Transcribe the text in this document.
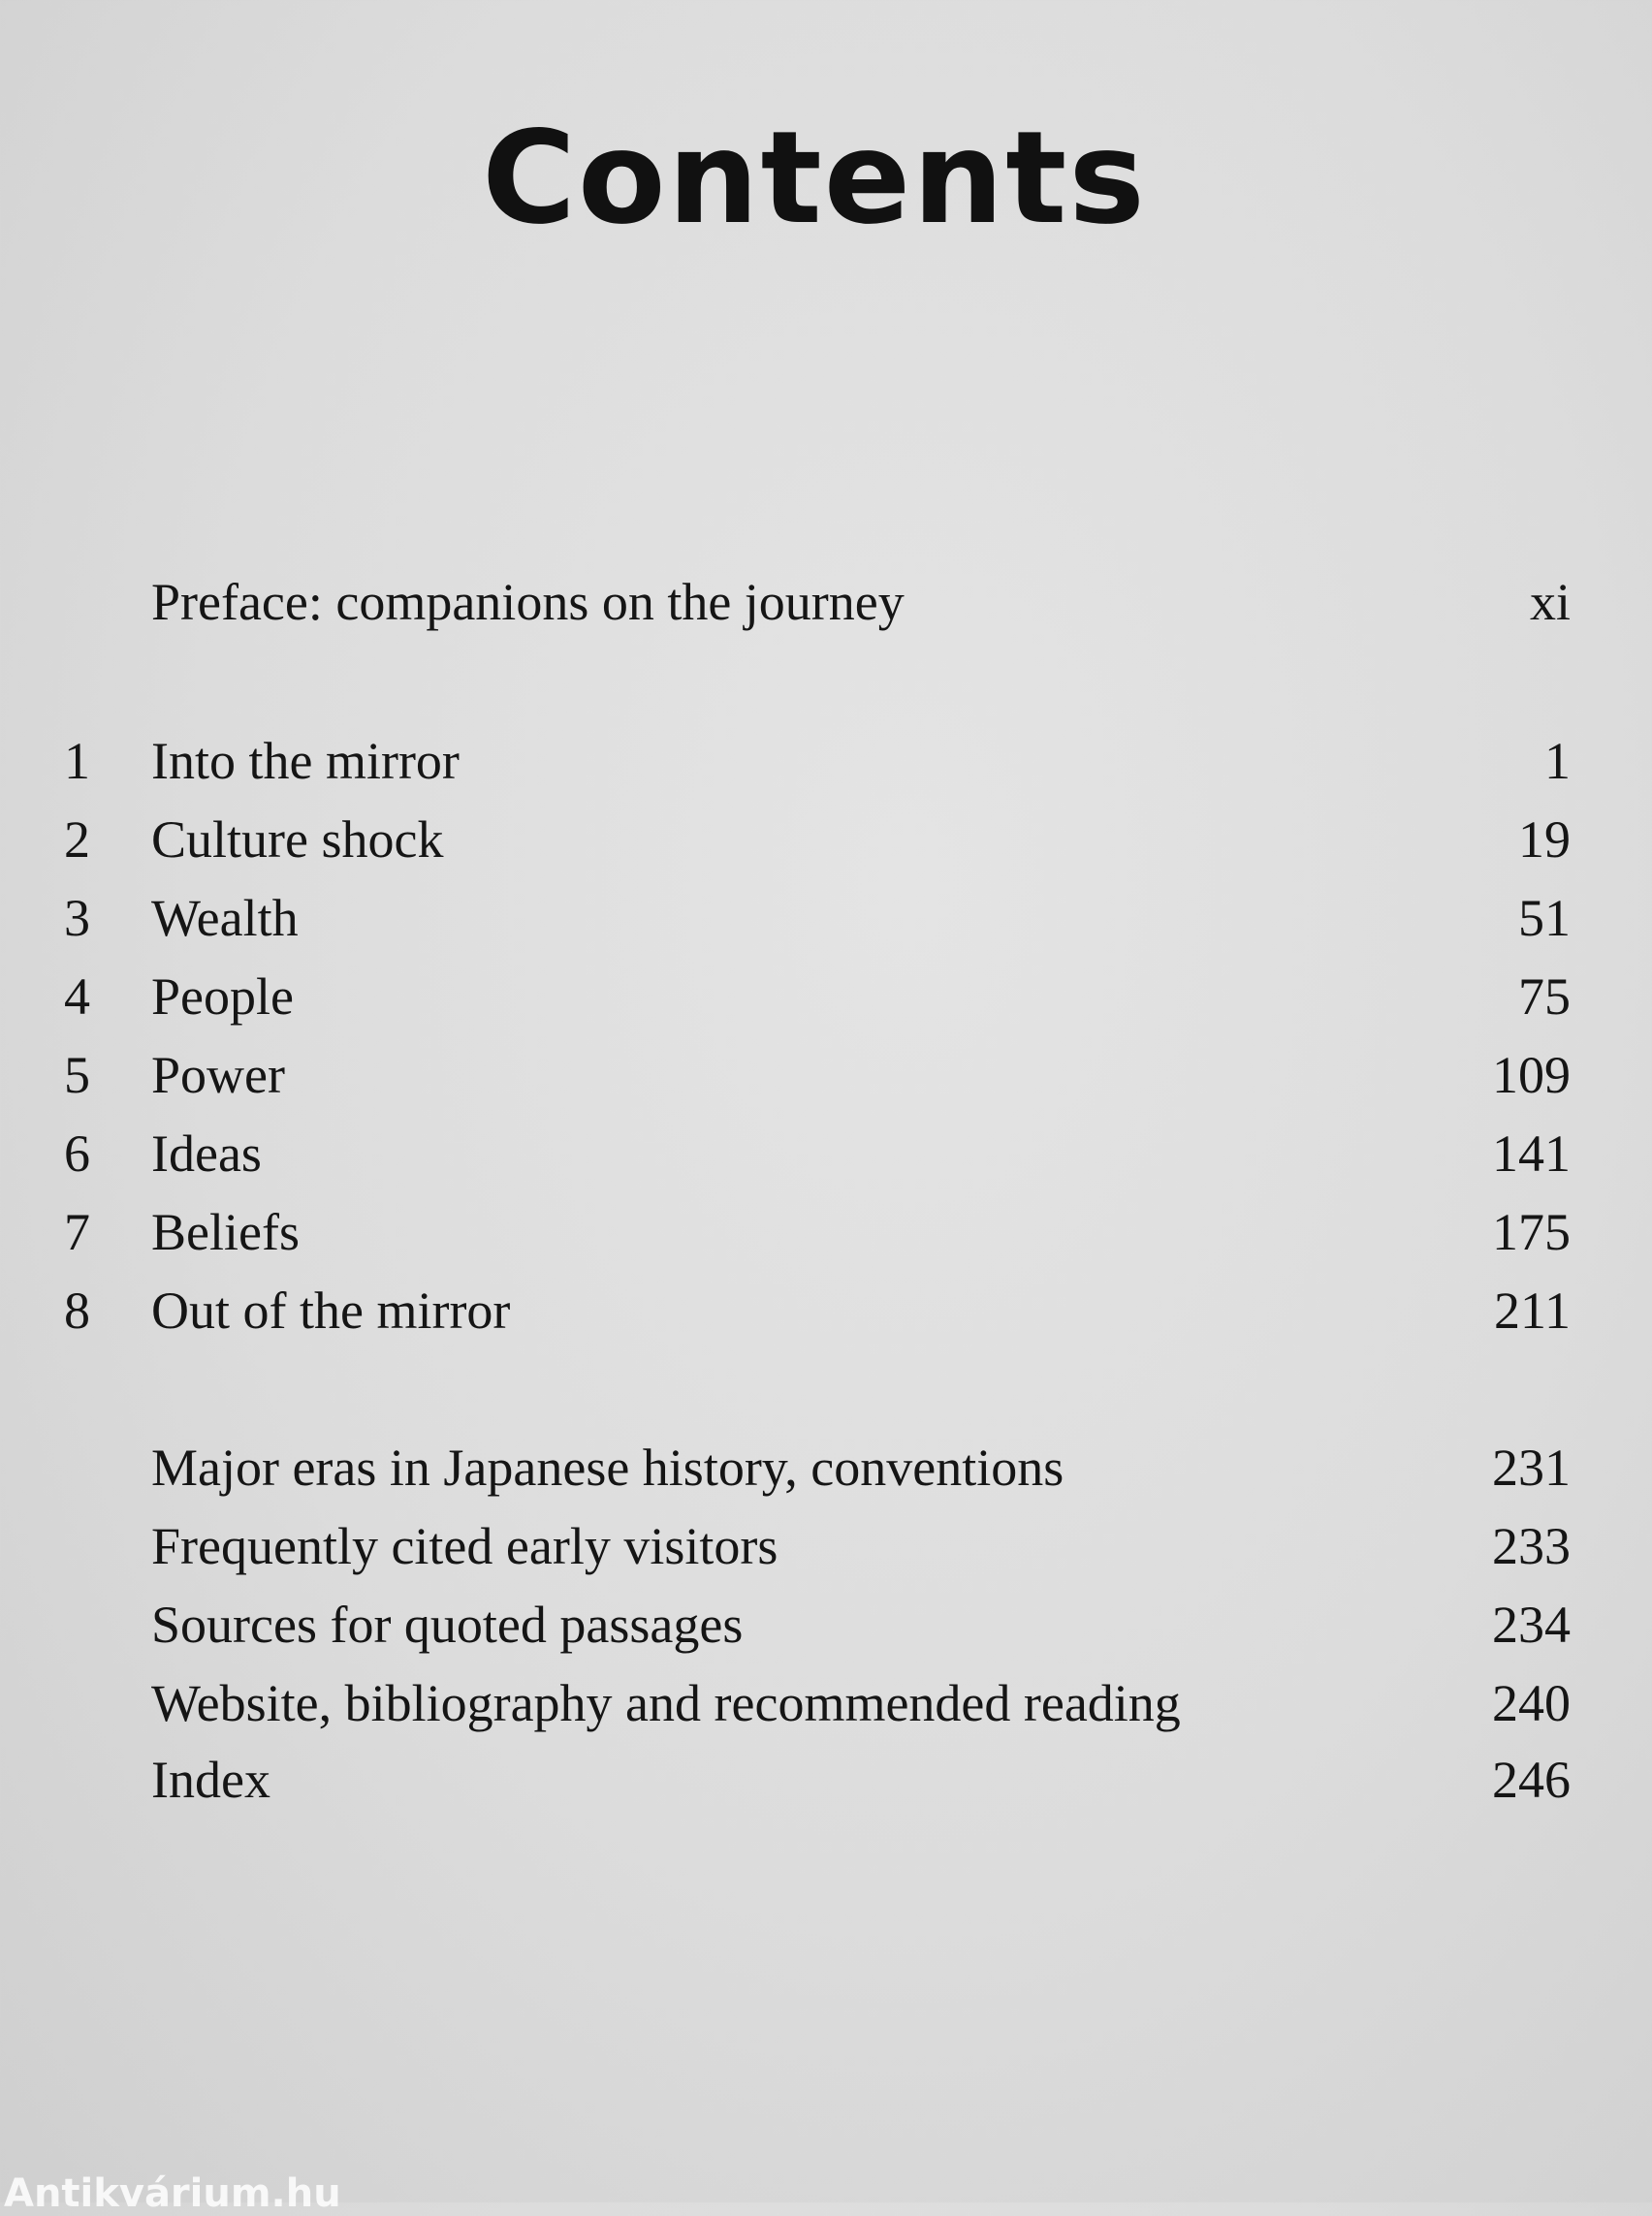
Contents
Preface: companions on the journey	xi
1	Into the mirror	1
2	Culture shock	19
3	Wealth	51
4	People	75
5	Power	109
6	Ideas	141
7	Beliefs	175
8	Out of the mirror	211
Major eras in Japanese history, conventions	231
Frequently cited early visitors	233
Sources for quoted passages	234
Website, bibliography and recommended reading	240
Index	246
Antikvárium.hu
